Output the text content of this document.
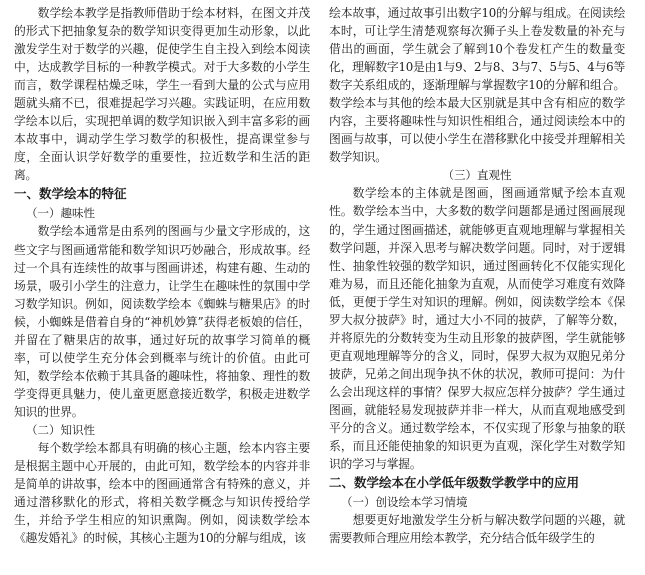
数学绘本教学是指教师借助于绘本材料，在图文并茂的形式下把抽象复杂的数学知识变得更加生动形象，以此激发学生对于数学的兴趣，促使学生自主投入到绘本阅读中，达成教学目标的一种教学模式。对于大多数的小学生而言，数学课程枯燥乏味，学生一看到大量的公式与应用题就头痛不已，很难提起学习兴趣。实践证明，在应用数学绘本以后，实现把单调的数学知识嵌入到丰富多彩的画本故事中，调动学生学习数学的积极性，提高课堂参与度，全面认识学好数学的重要性，拉近数学和生活的距离。

一、数学绘本的特征
（一）趣味性

数学绘本通常是由系列的图画与少量文字形成的，这些文字与图画通常能和数学知识巧妙融合，形成故事。经过一个具有连续性的故事与图画讲述，构建有趣、生动的场景，吸引小学生的注意力，让学生在趣味性的氛围中学习数学知识。例如，阅读数学绘本《蜘蛛与糖果店》的时候，小蜘蛛是借着自身的“神机妙算”获得老板娘的信任，并留在了糖果店的故事，通过好玩的故事学习简单的概率，可以使学生充分体会到概率与统计的价值。由此可知，数学绘本依赖于其具备的趣味性，将抽象、理性的数学变得更具魅力，使儿童更愿意接近数学，积极走进数学知识的世界。

（二）知识性

每个数学绘本都具有明确的核心主题，绘本内容主要是根据主题中心开展的，由此可知，数学绘本的内容并非是简单的讲故事，绘本中的图画通常含有特殊的意义，并通过潜移默化的形式，将相关数学概念与知识传授给学生，并给予学生相应的知识熏陶。例如，阅读数学绘本《趣发婚礼》的时候，其核心主题为10的分解与组成，该

绘本故事，通过故事引出数字10的分解与组成。在阅读绘本时，可让学生清楚观察每次狮子头上卷发数量的补充与借出的画面，学生就会了解到10个卷发杠产生的数量变化，理解数字10是由1与9、2与8、3与7、5与5、4与6等数字关系组成的，逐渐理解与掌握数字10的分解和组合。数学绘本与其他的绘本最大区别就是其中含有相应的数学内容，主要将趣味性与知识性相组合，通过阅读绘本中的图画与故事，可以使小学生在潜移默化中接受并理解相关数学知识。

（三）直观性

数学绘本的主体就是图画，图画通常赋予绘本直观性。数学绘本当中，大多数的数学问题都是通过图画展现的，学生通过图画描述，就能够更直观地理解与掌握相关数学问题，并深入思考与解决数学问题。同时，对于逻辑性、抽象性较强的数学知识，通过图画转化不仅能实现化难为易，而且还能化抽象为直观，从而使学习难度有效降低，更便于学生对知识的理解。例如，阅读数学绘本《保罗大叔分披萨》时，通过大小不同的披萨，了解等分数，并将原先的分数转变为生动且形象的披萨图，学生就能够更直观地理解等分的含义，同时，保罗大叔为双胞兄弟分披萨，兄弟之间出现争执不休的状况，教师可提问：为什么会出现这样的事情？保罗大叔应怎样分披萨？学生通过图画，就能轻易发现披萨并非一样大，从而直观地感受到平分的含义。通过数学绘本，不仅实现了形象与抽象的联系，而且还能使抽象的知识更为直观，深化学生对数学知识的学习与掌握。

二、数学绘本在小学低年级数学教学中的应用
（一）创设绘本学习情境

想要更好地激发学生分析与解决数学问题的兴趣，就需要教师合理应用绘本教学，充分结合低年级学生的
